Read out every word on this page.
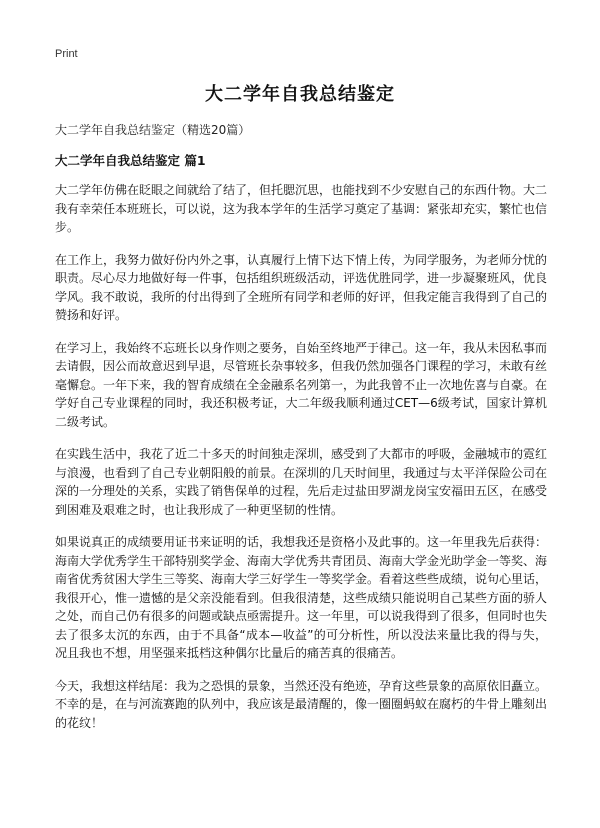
Print
大二学年自我总结鉴定
大二学年自我总结鉴定（精选20篇）
大二学年自我总结鉴定 篇1

大二学年仿佛在眨眼之间就给了结了，但托腮沉思，也能找到不少安慰自己的东西什物。大二我有幸荣任本班班长，可以说，这为我本学年的生活学习奠定了基调：紧张却充实，繁忙也信步。

在工作上，我努力做好份内外之事，认真履行上情下达下情上传，为同学服务，为老师分忧的职责。尽心尽力地做好每一件事，包括组织班级活动，评选优胜同学，进一步凝聚班风，优良学风。我不敢说，我所的付出得到了全班所有同学和老师的好评，但我定能言我得到了自己的赞扬和好评。

在学习上，我始终不忘班长以身作则之要务，自始至终地严于律己。这一年，我从未因私事而去请假，因公而故意迟到早退，尽管班长杂事较多，但我仍然加强各门课程的学习，未敢有丝毫懈怠。一年下来，我的智育成绩在全金融系名列第一，为此我曾不止一次地佐喜与自豪。在学好自己专业课程的同时，我还积极考证，大二年级我顺利通过CET—6级考试，国家计算机二级考试。

在实践生活中，我花了近二十多天的时间独走深圳，感受到了大都市的呼吸，金融城市的霓红与浪漫，也看到了自己专业朝阳般的前景。在深圳的几天时间里，我通过与太平洋保险公司在深的一分理处的关系，实践了销售保单的过程，先后走过盐田罗湖龙岗宝安福田五区，在感受到困难及艰难之时，也让我形成了一种更坚韧的性情。

如果说真正的成绩要用证书来证明的话，我想我还是资格小及此事的。这一年里我先后获得：海南大学优秀学生干部特别奖学金、海南大学优秀共青团员、海南大学金光助学金一等奖、海南省优秀贫困大学生三等奖、海南大学三好学生一等奖学金。看着这些些成绩，说句心里话，我很开心，惟一遗憾的是父亲没能看到。但我很清楚，这些成绩只能说明自己某些方面的骄人之处，而自己仍有很多的问题或缺点亟需提升。这一年里，可以说我得到了很多，但同时也失去了很多太沉的东西，由于不具备“成本—收益”的可分析性，所以没法来量比我的得与失，况且我也不想，用坚强来抵档这种偶尔比量后的痛苦真的很痛苦。

今天，我想这样结尾：我为之恐惧的景象，当然还没有绝迹，孕育这些景象的高原依旧矗立。不幸的是，在与河流赛跑的队列中，我应该是最清醒的，像一圈圈蚂蚁在腐朽的牛骨上雕刻出的花纹！
